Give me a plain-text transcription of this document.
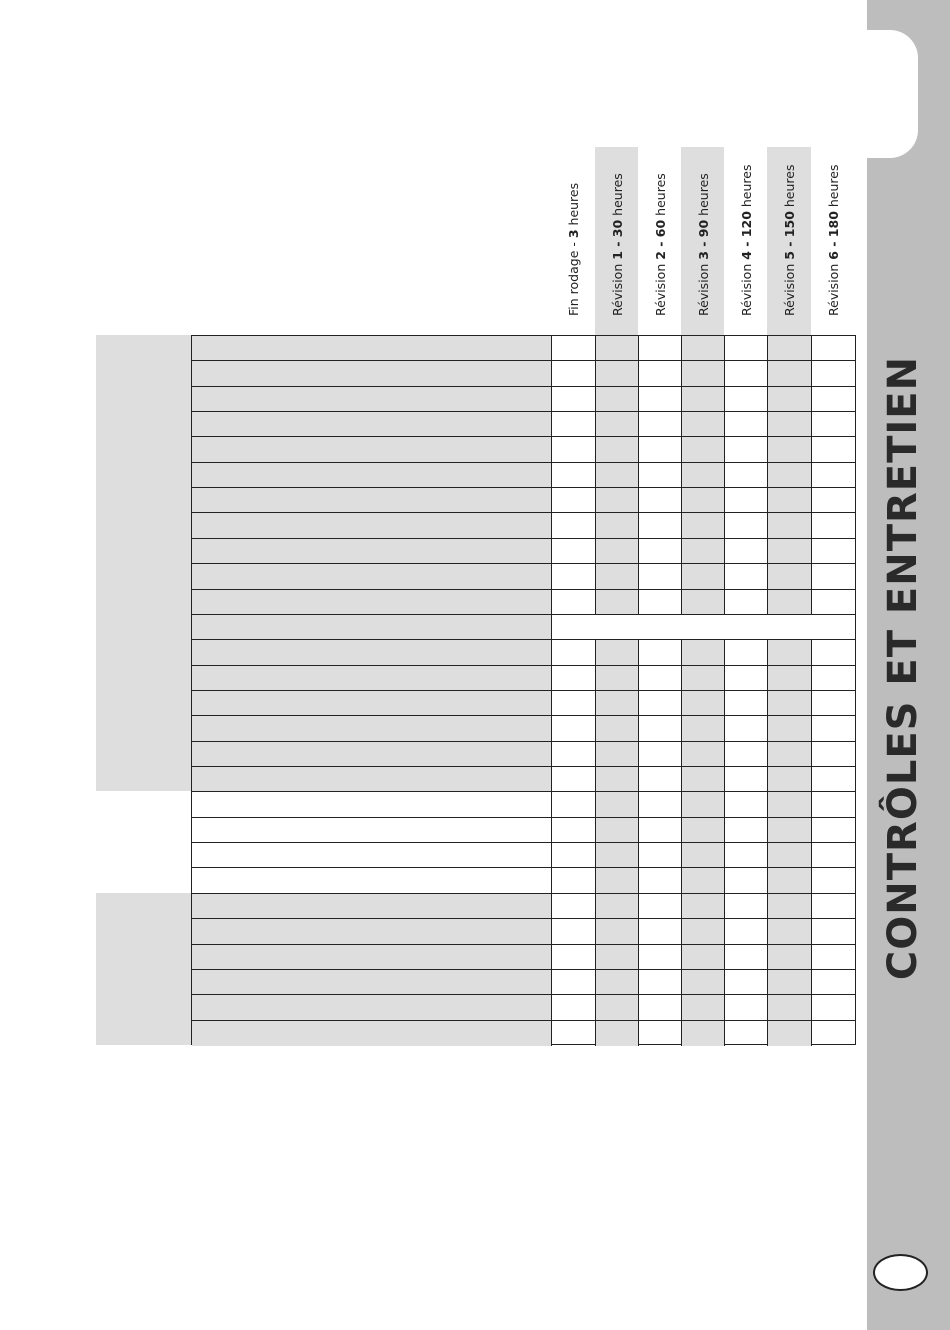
CONTRÔLES ET ENTRETIEN
Fin rodage - 3 heures
Révision 1 - 30 heures
Révision 2 - 60 heures
Révision 3 - 90 heures
Révision 4 - 120 heures
Révision 5 - 150 heures
Révision 6 - 180 heures
